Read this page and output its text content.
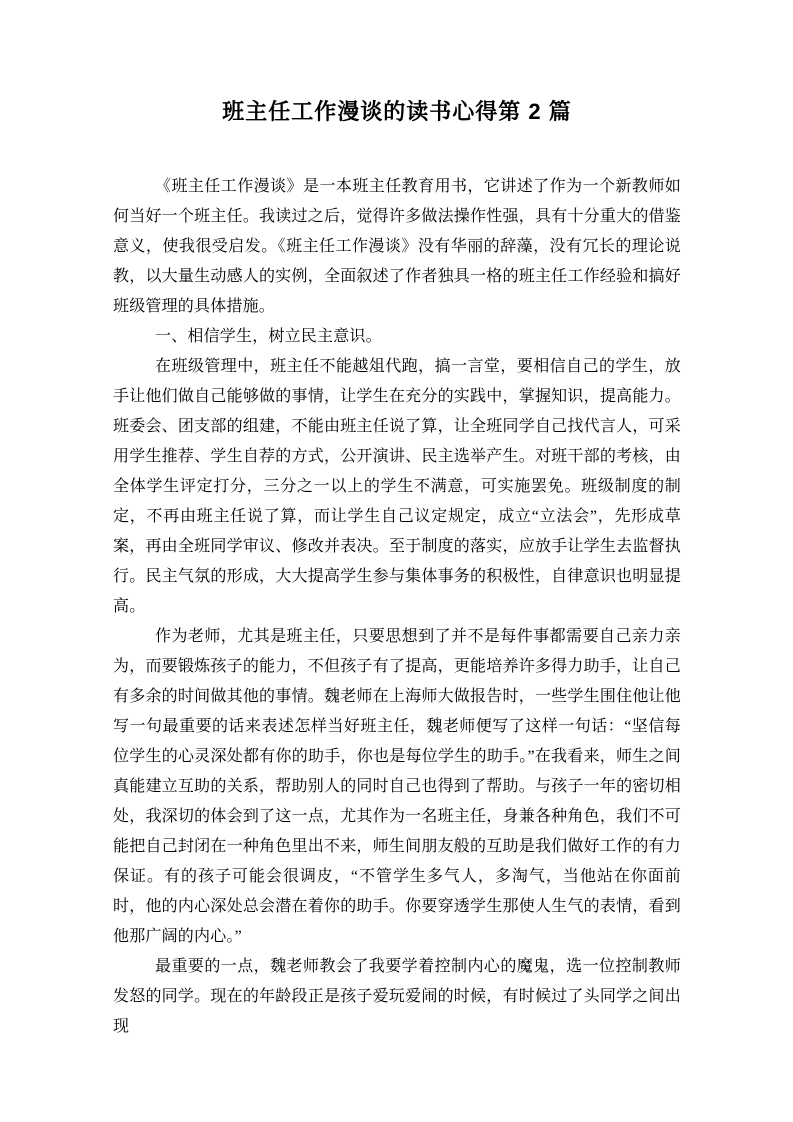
班主任工作漫谈的读书心得第 2 篇

《班主任工作漫谈》是一本班主任教育用书，它讲述了作为一个新教师如何当好一个班主任。我读过之后，觉得许多做法操作性强，具有十分重大的借鉴意义，使我很受启发。《班主任工作漫谈》没有华丽的辞藻，没有冗长的理论说教，以大量生动感人的实例，全面叙述了作者独具一格的班主任工作经验和搞好班级管理的具体措施。

一、相信学生，树立民主意识。

在班级管理中，班主任不能越俎代跑，搞一言堂，要相信自己的学生，放手让他们做自己能够做的事情，让学生在充分的实践中，掌握知识，提高能力。班委会、团支部的组建，不能由班主任说了算，让全班同学自己找代言人，可采用学生推荐、学生自荐的方式，公开演讲、民主选举产生。对班干部的考核，由全体学生评定打分，三分之一以上的学生不满意，可实施罢免。班级制度的制定，不再由班主任说了算，而让学生自己议定规定，成立“立法会”，先形成草案，再由全班同学审议、修改并表决。至于制度的落实，应放手让学生去监督执行。民主气氛的形成，大大提高学生参与集体事务的积极性，自律意识也明显提高。

作为老师，尤其是班主任，只要思想到了并不是每件事都需要自己亲力亲为，而要锻炼孩子的能力，不但孩子有了提高，更能培养许多得力助手，让自己有多余的时间做其他的事情。魏老师在上海师大做报告时，一些学生围住他让他写一句最重要的话来表述怎样当好班主任，魏老师便写了这样一句话：“坚信每位学生的心灵深处都有你的助手，你也是每位学生的助手。”在我看来，师生之间真能建立互助的关系，帮助别人的同时自己也得到了帮助。与孩子一年的密切相处，我深切的体会到了这一点，尤其作为一名班主任，身兼各种角色，我们不可能把自己封闭在一种角色里出不来，师生间朋友般的互助是我们做好工作的有力保证。有的孩子可能会很调皮，“不管学生多气人，多淘气，当他站在你面前时，他的内心深处总会潜在着你的助手。你要穿透学生那使人生气的表情，看到他那广阔的内心。”

最重要的一点，魏老师教会了我要学着控制内心的魔鬼，选一位控制教师发怒的同学。现在的年龄段正是孩子爱玩爱闹的时候，有时候过了头同学之间出现
